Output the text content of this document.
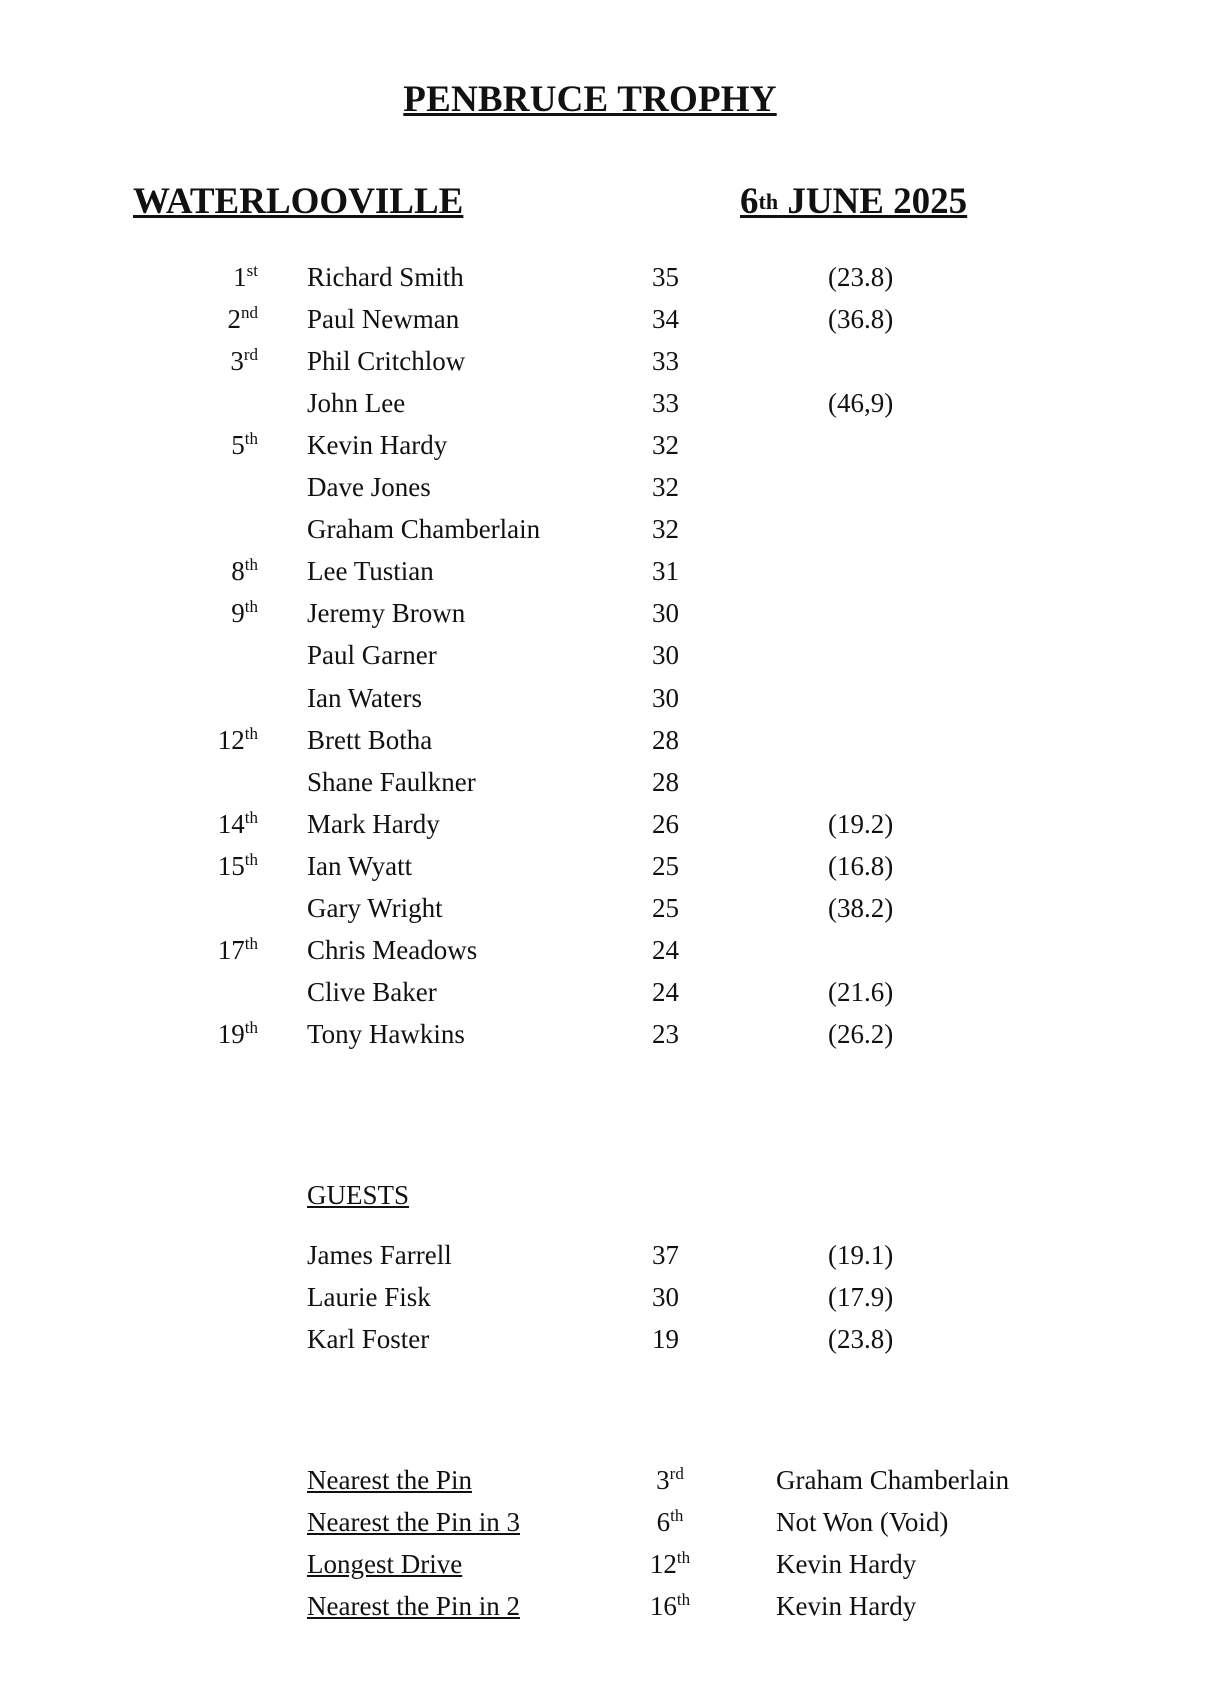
PENBRUCE TROPHY
WATERLOOVILLE	6th JUNE 2025
1st Richard Smith	35	(23.8)
2nd Paul Newman	34	(36.8)
3rd Phil Critchlow	33
John Lee	33	(46,9)
5th Kevin Hardy	32
Dave Jones	32
Graham Chamberlain	32
8th Lee Tustian	31
9th Jeremy Brown	30
Paul Garner	30
Ian Waters	30
12th Brett Botha	28
Shane Faulkner	28
14th Mark Hardy	26	(19.2)
15th Ian Wyatt	25	(16.8)
Gary Wright	25	(38.2)
17th Chris Meadows	24
Clive Baker	24	(21.6)
19th Tony Hawkins	23	(26.2)
GUESTS
James Farrell	37	(19.1)
Laurie Fisk	30	(17.9)
Karl Foster	19	(23.8)
Nearest the Pin	3rd	Graham Chamberlain
Nearest the Pin in 3	6th	Not Won (Void)
Longest Drive	12th	Kevin Hardy
Nearest the Pin in 2	16th	Kevin Hardy
